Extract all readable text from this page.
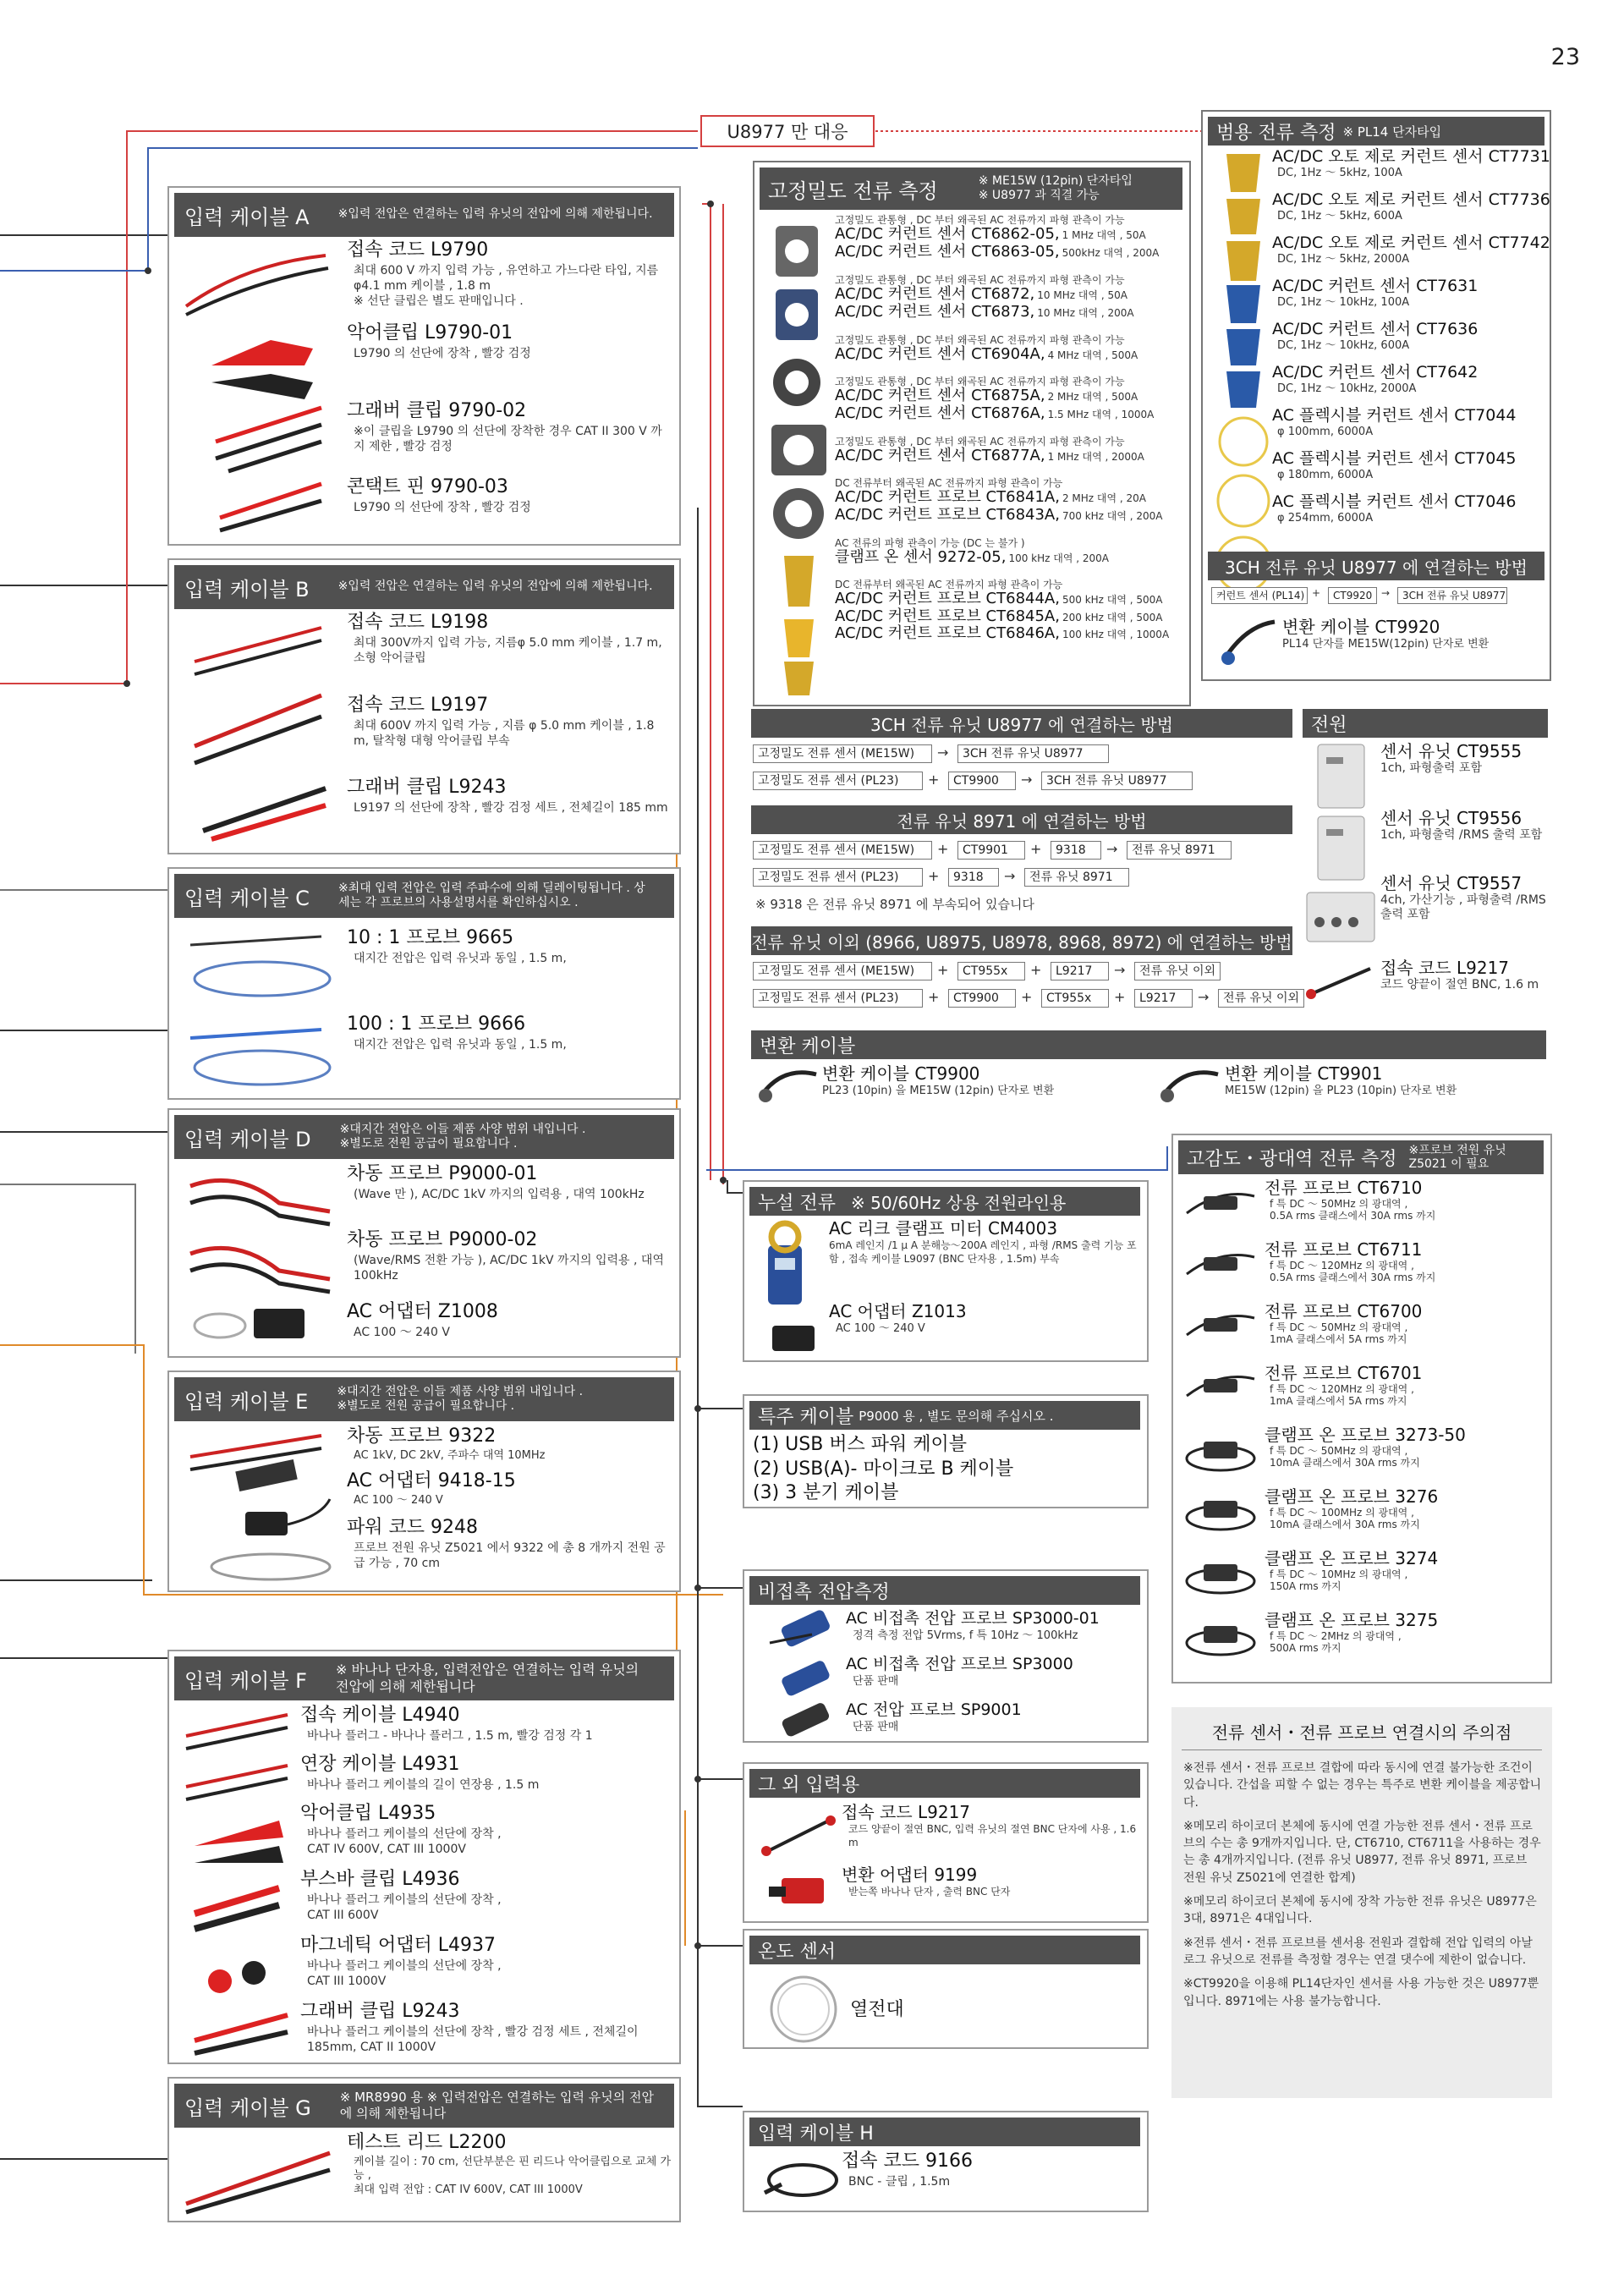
23
U8977 만 대응
입력 케이블 A ※입력 전압은 연결하는 입력 유닛의 전압에 의해 제한됩니다.
접속 코드 L9790
최대 600 V 까지 입력 가능 , 유연하고 가느다란 타입, 지름φ4.1 mm 케이블 , 1.8 m
※ 선단 클립은 별도 판매입니다 .
악어클립 L9790-01
L9790 의 선단에 장착 , 빨강 검정
그래버 클립 9790-02
※이 클립을 L9790 의 선단에 장착한 경우 CAT II 300 V 까지 제한 , 빨강 검정
콘택트 핀 9790-03
L9790 의 선단에 장착 , 빨강 검정
입력 케이블 B ※입력 전압은 연결하는 입력 유닛의 전압에 의해 제한됩니다.
접속 코드 L9198
최대 300V까지 입력 가능, 지름φ 5.0 mm 케이블 , 1.7 m, 소형 악어클립
접속 코드 L9197
최대 600V 까지 입력 가능 , 지름 φ 5.0 mm 케이블 , 1.8 m, 탈착형 대형 악어클립 부속
그래버 클립 L9243
L9197 의 선단에 장착 , 빨강 검정 세트 , 전체길이 185 mm
입력 케이블 C ※최대 입력 전압은 입력 주파수에 의해 딜레이팅됩니다 . 상세는 각 프로브의 사용설명서를 확인하십시오 .
10 : 1 프로브 9665
대지간 전압은 입력 유닛과 동일 , 1.5 m,
100 : 1 프로브 9666
대지간 전압은 입력 유닛과 동일 , 1.5 m,
입력 케이블 D ※대지간 전압은 이들 제품 사양 범위 내입니다 .
※별도로 전원 공급이 필요합니다 .
차동 프로브 P9000-01
(Wave 만 ), AC/DC 1kV 까지의 입력용 , 대역 100kHz
차동 프로브 P9000-02
(Wave/RMS 전환 가능 ), AC/DC 1kV 까지의 입력용 , 대역 100kHz
AC 어댑터 Z1008
AC 100 ～ 240 V
입력 케이블 E ※대지간 전압은 이들 제품 사양 범위 내입니다 .
※별도로 전원 공급이 필요합니다 .
차동 프로브 9322
AC 1kV, DC 2kV, 주파수 대역 10MHz
AC 어댑터 9418-15
AC 100 ～ 240 V
파워 코드 9248
프로브 전원 유닛 Z5021 에서 9322 에 총 8 개까지 전원 공급 가능 , 70 cm
입력 케이블 F ※ 바나나 단자용, 입력전압은 연결하는 입력 유닛의 전압에 의해 제한됩니다
접속 케이블 L4940
바나나 플러그 - 바나나 플러그 , 1.5 m, 빨강 검정 각 1
연장 케이블 L4931
바나나 플러그 케이블의 길이 연장용 , 1.5 m
악어클립 L4935
바나나 플러그 케이블의 선단에 장착 ,
CAT IV 600V, CAT III 1000V
부스바 클립 L4936
바나나 플러그 케이블의 선단에 장착 ,
CAT III 600V
마그네틱 어댑터 L4937
바나나 플러그 케이블의 선단에 장착 ,
CAT III 1000V
그래버 클립 L9243
바나나 플러그 케이블의 선단에 장착 , 빨강 검정 세트 , 전체길이 185mm, CAT II 1000V
입력 케이블 G ※ MR8990 용 ※ 입력전압은 연결하는 입력 유닛의 전압에 의해 제한됩니다
테스트 리드 L2200
케이블 길이 : 70 cm, 선단부분은 핀 리드나 악어클립으로 교체 가능 ,
최대 입력 전압 : CAT IV 600V, CAT III 1000V
고정밀도 전류 측정	※ ME15W (12pin) 단자타입
※ U8977 과 직결 가능
고정밀도 관통형 , DC 부터 왜곡된 AC 전류까지 파형 관측이 가능
AC/DC 커런트 센서 CT6862-05, 1 MHz 대역 , 50A
AC/DC 커런트 센서 CT6863-05, 500kHz 대역 , 200A
고정밀도 관통형 , DC 부터 왜곡된 AC 전류까지 파형 관측이 가능
AC/DC 커런트 센서 CT6872, 10 MHz 대역 , 50A
AC/DC 커런트 센서 CT6873, 10 MHz 대역 , 200A
고정밀도 관통형 , DC 부터 왜곡된 AC 전류까지 파형 관측이 가능
AC/DC 커런트 센서 CT6904A, 4 MHz 대역 , 500A
고정밀도 관통형 , DC 부터 왜곡된 AC 전류까지 파형 관측이 가능
AC/DC 커런트 센서 CT6875A, 2 MHz 대역 , 500A
AC/DC 커런트 센서 CT6876A, 1.5 MHz 대역 , 1000A
고정밀도 관통형 , DC 부터 왜곡된 AC 전류까지 파형 관측이 가능
AC/DC 커런트 센서 CT6877A, 1 MHz 대역 , 2000A
DC 전류부터 왜곡된 AC 전류까지 파형 관측이 가능
AC/DC 커런트 프로브 CT6841A, 2 MHz 대역 , 20A
AC/DC 커런트 프로브 CT6843A, 700 kHz 대역 , 200A
AC 전류의 파형 관측이 가능 (DC 는 불가 )
클램프 온 센서 9272-05, 100 kHz 대역 , 200A
DC 전류부터 왜곡된 AC 전류까지 파형 관측이 가능
AC/DC 커런트 프로브 CT6844A, 500 kHz 대역 , 500A
AC/DC 커런트 프로브 CT6845A, 200 kHz 대역 , 500A
AC/DC 커런트 프로브 CT6846A, 100 kHz 대역 , 1000A
3CH 전류 유닛 U8977 에 연결하는 방법
고정밀도 전류 센서 (ME15W)	→	3CH 전류 유닛 U8977
고정밀도 전류 센서 (PL23)	+	CT9900	→	3CH 전류 유닛 U8977
전류 유닛 8971 에 연결하는 방법
고정밀도 전류 센서 (ME15W)	+	CT9901	+	9318	→	전류 유닛 8971
고정밀도 전류 센서 (PL23)	+	9318	→	전류 유닛 8971
※ 9318 은 전류 유닛 8971 에 부속되어 있습니다
전류 유닛 이외 (8966, U8975, U8978, 8968, 8972) 에 연결하는 방법
고정밀도 전류 센서 (ME15W)	+	CT955x	+	L9217	→	전류 유닛 이외
고정밀도 전류 센서 (PL23)	+	CT9900	+	CT955x	+	L9217	→	전류 유닛 이외
변환 케이블
변환 케이블 CT9900
PL23 (10pin) 을 ME15W (12pin) 단자로 변환
변환 케이블 CT9901
ME15W (12pin) 을 PL23 (10pin) 단자로 변환
범용 전류 측정 ※ PL14 단자타입
AC/DC 오토 제로 커런트 센서 CT7731
DC, 1Hz ～ 5kHz, 100A
AC/DC 오토 제로 커런트 센서 CT7736
DC, 1Hz ～ 5kHz, 600A
AC/DC 오토 제로 커런트 센서 CT7742
DC, 1Hz ～ 5kHz, 2000A
AC/DC 커런트 센서 CT7631
DC, 1Hz ～ 10kHz, 100A
AC/DC 커런트 센서 CT7636
DC, 1Hz ～ 10kHz, 600A
AC/DC 커런트 센서 CT7642
DC, 1Hz ～ 10kHz, 2000A
AC 플렉시블 커런트 센서 CT7044
φ 100mm, 6000A
AC 플렉시블 커런트 센서 CT7045
φ 180mm, 6000A
AC 플렉시블 커런트 센서 CT7046
φ 254mm, 6000A
3CH 전류 유닛 U8977 에 연결하는 방법
커런트 센서 (PL14) +	CT9920 →	3CH 전류 유닛 U8977
변환 케이블 CT9920
PL14 단자를 ME15W(12pin) 단자로 변환
전원
센서 유닛 CT9555
1ch, 파형출력 포함
센서 유닛 CT9556
1ch, 파형출력 /RMS 출력 포함
센서 유닛 CT9557
4ch, 가산기능 , 파형출력 /RMS 출력 포함
접속 코드 L9217
코드 양끝이 절연 BNC, 1.6 m
누설 전류 ※ 50/60Hz 상용 전원라인용
AC 리크 클램프 미터 CM4003
6mA 레인지 /1 μ A 분해능～200A 레인지 , 파형 /RMS 출력 기능 포함 , 접속 케이블 L9097 (BNC 단자용 , 1.5m) 부속
AC 어댑터 Z1013
AC 100 ～ 240 V
특주 케이블 P9000 용 , 별도 문의해 주십시오 .
(1) USB 버스 파워 케이블
(2) USB(A)- 마이크로 B 케이블
(3) 3 분기 케이블
비접촉 전압측정
AC 비접촉 전압 프로브 SP3000-01
정격 측정 전압 5Vrms, f 특 10Hz ～ 100kHz
AC 비접촉 전압 프로브 SP3000
단품 판매
AC 전압 프로브 SP9001
단품 판매
그 외 입력용
접속 코드 L9217
코드 양끝이 절연 BNC, 입력 유닛의 절연 BNC 단자에 사용 , 1.6 m
변환 어댑터 9199
받는쪽 바나나 단자 , 출력 BNC 단자
온도 센서
열전대
입력 케이블 H
접속 코드 9166
BNC - 클립 , 1.5m
고감도・광대역 전류 측정 ※프로브 전원 유닛 Z5021 이 필요
전류 프로브 CT6710
f 특 DC ～ 50MHz 의 광대역 ,
0.5A rms 클래스에서 30A rms 까지
전류 프로브 CT6711
f 특 DC ～ 120MHz 의 광대역 ,
0.5A rms 클래스에서 30A rms 까지
전류 프로브 CT6700
f 특 DC ～ 50MHz 의 광대역 ,
1mA 클래스에서 5A rms 까지
전류 프로브 CT6701
f 특 DC ～ 120MHz 의 광대역 ,
1mA 클래스에서 5A rms 까지
클램프 온 프로브 3273-50
f 특 DC ～ 50MHz 의 광대역 ,
10mA 클래스에서 30A rms 까지
클램프 온 프로브 3276
f 특 DC ～ 100MHz 의 광대역 ,
10mA 클래스에서 30A rms 까지
클램프 온 프로브 3274
f 특 DC ～ 10MHz 의 광대역 ,
150A rms 까지
클램프 온 프로브 3275
f 특 DC ～ 2MHz 의 광대역 ,
500A rms 까지
전류 센서・전류 프로브 연결시의 주의점
※전류 센서・전류 프로브 결합에 따라 동시에 연결 불가능한 조건이 있습니다. 간섭을 피할 수 없는 경우는 특주로 변환 케이블을 제공합니다.
※메모리 하이코더 본체에 동시에 연결 가능한 전류 센서・전류 프로브의 수는 총 9개까지입니다. 단, CT6710, CT6711을 사용하는 경우는 총 4개까지입니다. (전류 유닛 U8977, 전류 유닛 8971, 프로브 전원 유닛 Z5021에 연결한 합계)
※메모리 하이코더 본체에 동시에 장착 가능한 전류 유닛은 U8977은 3대, 8971은 4대입니다.
※전류 센서・전류 프로브를 센서용 전원과 결합해 전압 입력의 아날로그 유닛으로 전류를 측정할 경우는 연결 댓수에 제한이 없습니다.
※CT9920을 이용해 PL14단자인 센서를 사용 가능한 것은 U8977뿐입니다. 8971에는 사용 불가능합니다.
